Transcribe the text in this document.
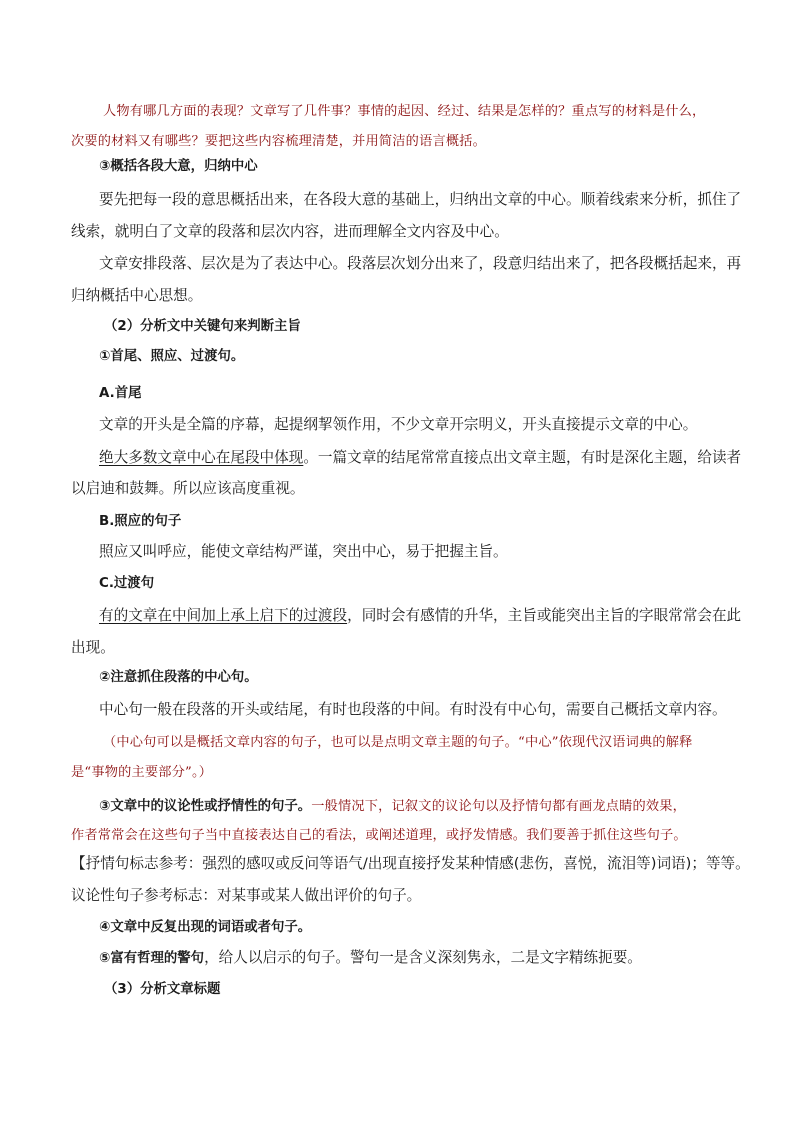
人物有哪几方面的表现？文章写了几件事？事情的起因、经过、结果是怎样的？重点写的材料是什么，
次要的材料又有哪些？要把这些内容梳理清楚，并用简洁的语言概括。
③概括各段大意，归纳中心
要先把每一段的意思概括出来，在各段大意的基础上，归纳出文章的中心。顺着线索来分析，抓住了
线索，就明白了文章的段落和层次内容，进而理解全文内容及中心。
文章安排段落、层次是为了表达中心。段落层次划分出来了，段意归结出来了，把各段概括起来，再
归纳概括中心思想。
（2）分析文中关键句来判断主旨
①首尾、照应、过渡句。
A.首尾
文章的开头是全篇的序幕，起提纲挈领作用，不少文章开宗明义，开头直接提示文章的中心。
绝大多数文章中心在尾段中体现。一篇文章的结尾常常直接点出文章主题，有时是深化主题，给读者
以启迪和鼓舞。所以应该高度重视。
B.照应的句子
照应又叫呼应，能使文章结构严谨，突出中心，易于把握主旨。
C.过渡句
有的文章在中间加上承上启下的过渡段，同时会有感情的升华，主旨或能突出主旨的字眼常常会在此
出现。
②注意抓住段落的中心句。
中心句一般在段落的开头或结尾，有时也段落的中间。有时没有中心句，需要自己概括文章内容。
（中心句可以是概括文章内容的句子，也可以是点明文章主题的句子。“中心”依现代汉语词典的解释
是“事物的主要部分”。）
③文章中的议论性或抒情性的句子。一般情况下，记叙文的议论句以及抒情句都有画龙点睛的效果，
作者常常会在这些句子当中直接表达自己的看法，或阐述道理，或抒发情感。我们要善于抓住这些句子。
【抒情句标志参考：强烈的感叹或反问等语气/出现直接抒发某种情感(悲伤，喜悦，流泪等)词语)；等等。
议论性句子参考标志：对某事或某人做出评价的句子。
④文章中反复出现的词语或者句子。
⑤富有哲理的警句，给人以启示的句子。警句一是含义深刻隽永，二是文字精练扼要。
（3）分析文章标题
